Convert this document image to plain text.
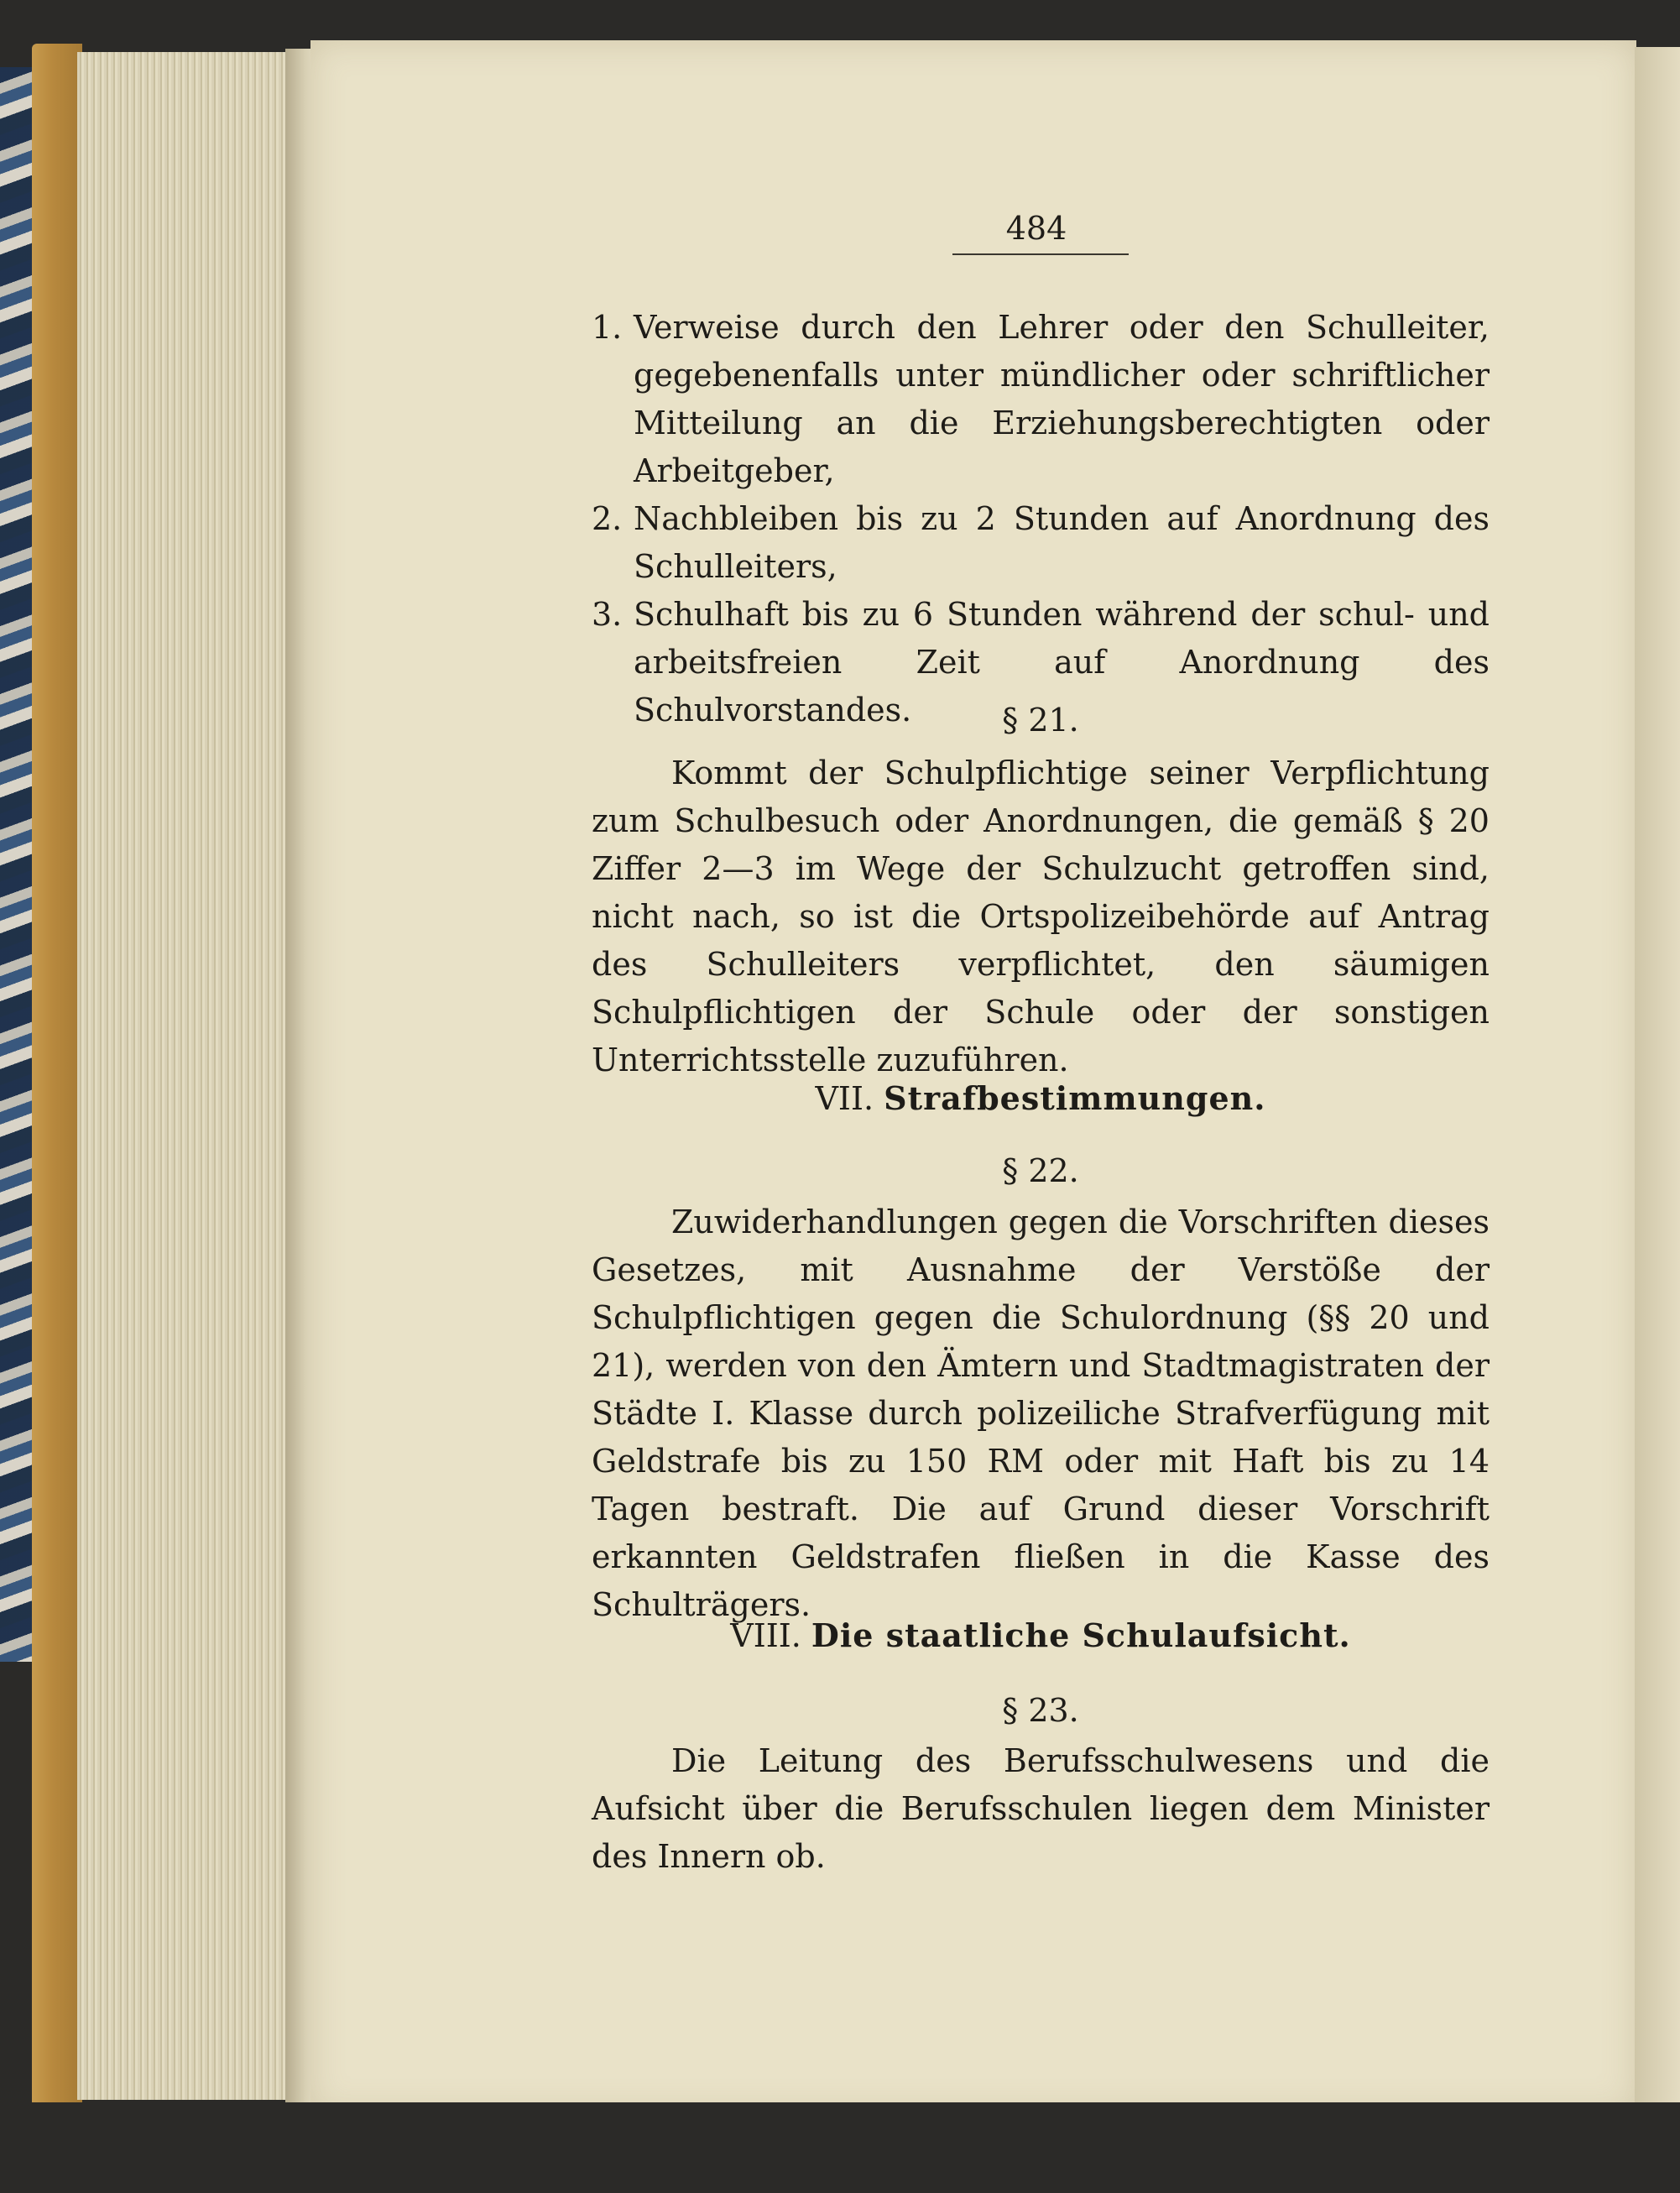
484
1. Verweise durch den Lehrer oder den Schulleiter, gegebenenfalls unter mündlicher oder schriftlicher Mitteilung an die Erziehungsberechtigten oder Arbeitgeber,
2. Nachbleiben bis zu 2 Stunden auf Anordnung des Schulleiters,
3. Schulhaft bis zu 6 Stunden während der schul- und arbeitsfreien Zeit auf Anordnung des Schulvorstandes.	§ 21.
Kommt der Schulpflichtige seiner Verpflichtung zum Schulbesuch oder Anordnungen, die gemäß § 20 Ziffer 2—3 im Wege der Schulzucht getroffen sind, nicht nach, so ist die Ortspolizeibehörde auf Antrag des Schulleiters verpflichtet, den säumigen Schulpflichtigen der Schule oder der sonstigen Unterrichtsstelle zuzuführen.
VII. Strafbestimmungen.
§ 22.
Zuwiderhandlungen gegen die Vorschriften dieses Gesetzes, mit Ausnahme der Verstöße der Schulpflichtigen gegen die Schulordnung (§§ 20 und 21), werden von den Ämtern und Stadtmagistraten der Städte I. Klasse durch polizeiliche Strafverfügung mit Geldstrafe bis zu 150 RM oder mit Haft bis zu 14 Tagen bestraft. Die auf Grund dieser Vorschrift erkannten Geldstrafen fließen in die Kasse des Schulträgers.
VIII. Die staatliche Schulaufsicht.
§ 23.
Die Leitung des Berufsschulwesens und die Aufsicht über die Berufsschulen liegen dem Minister des Innern ob.
